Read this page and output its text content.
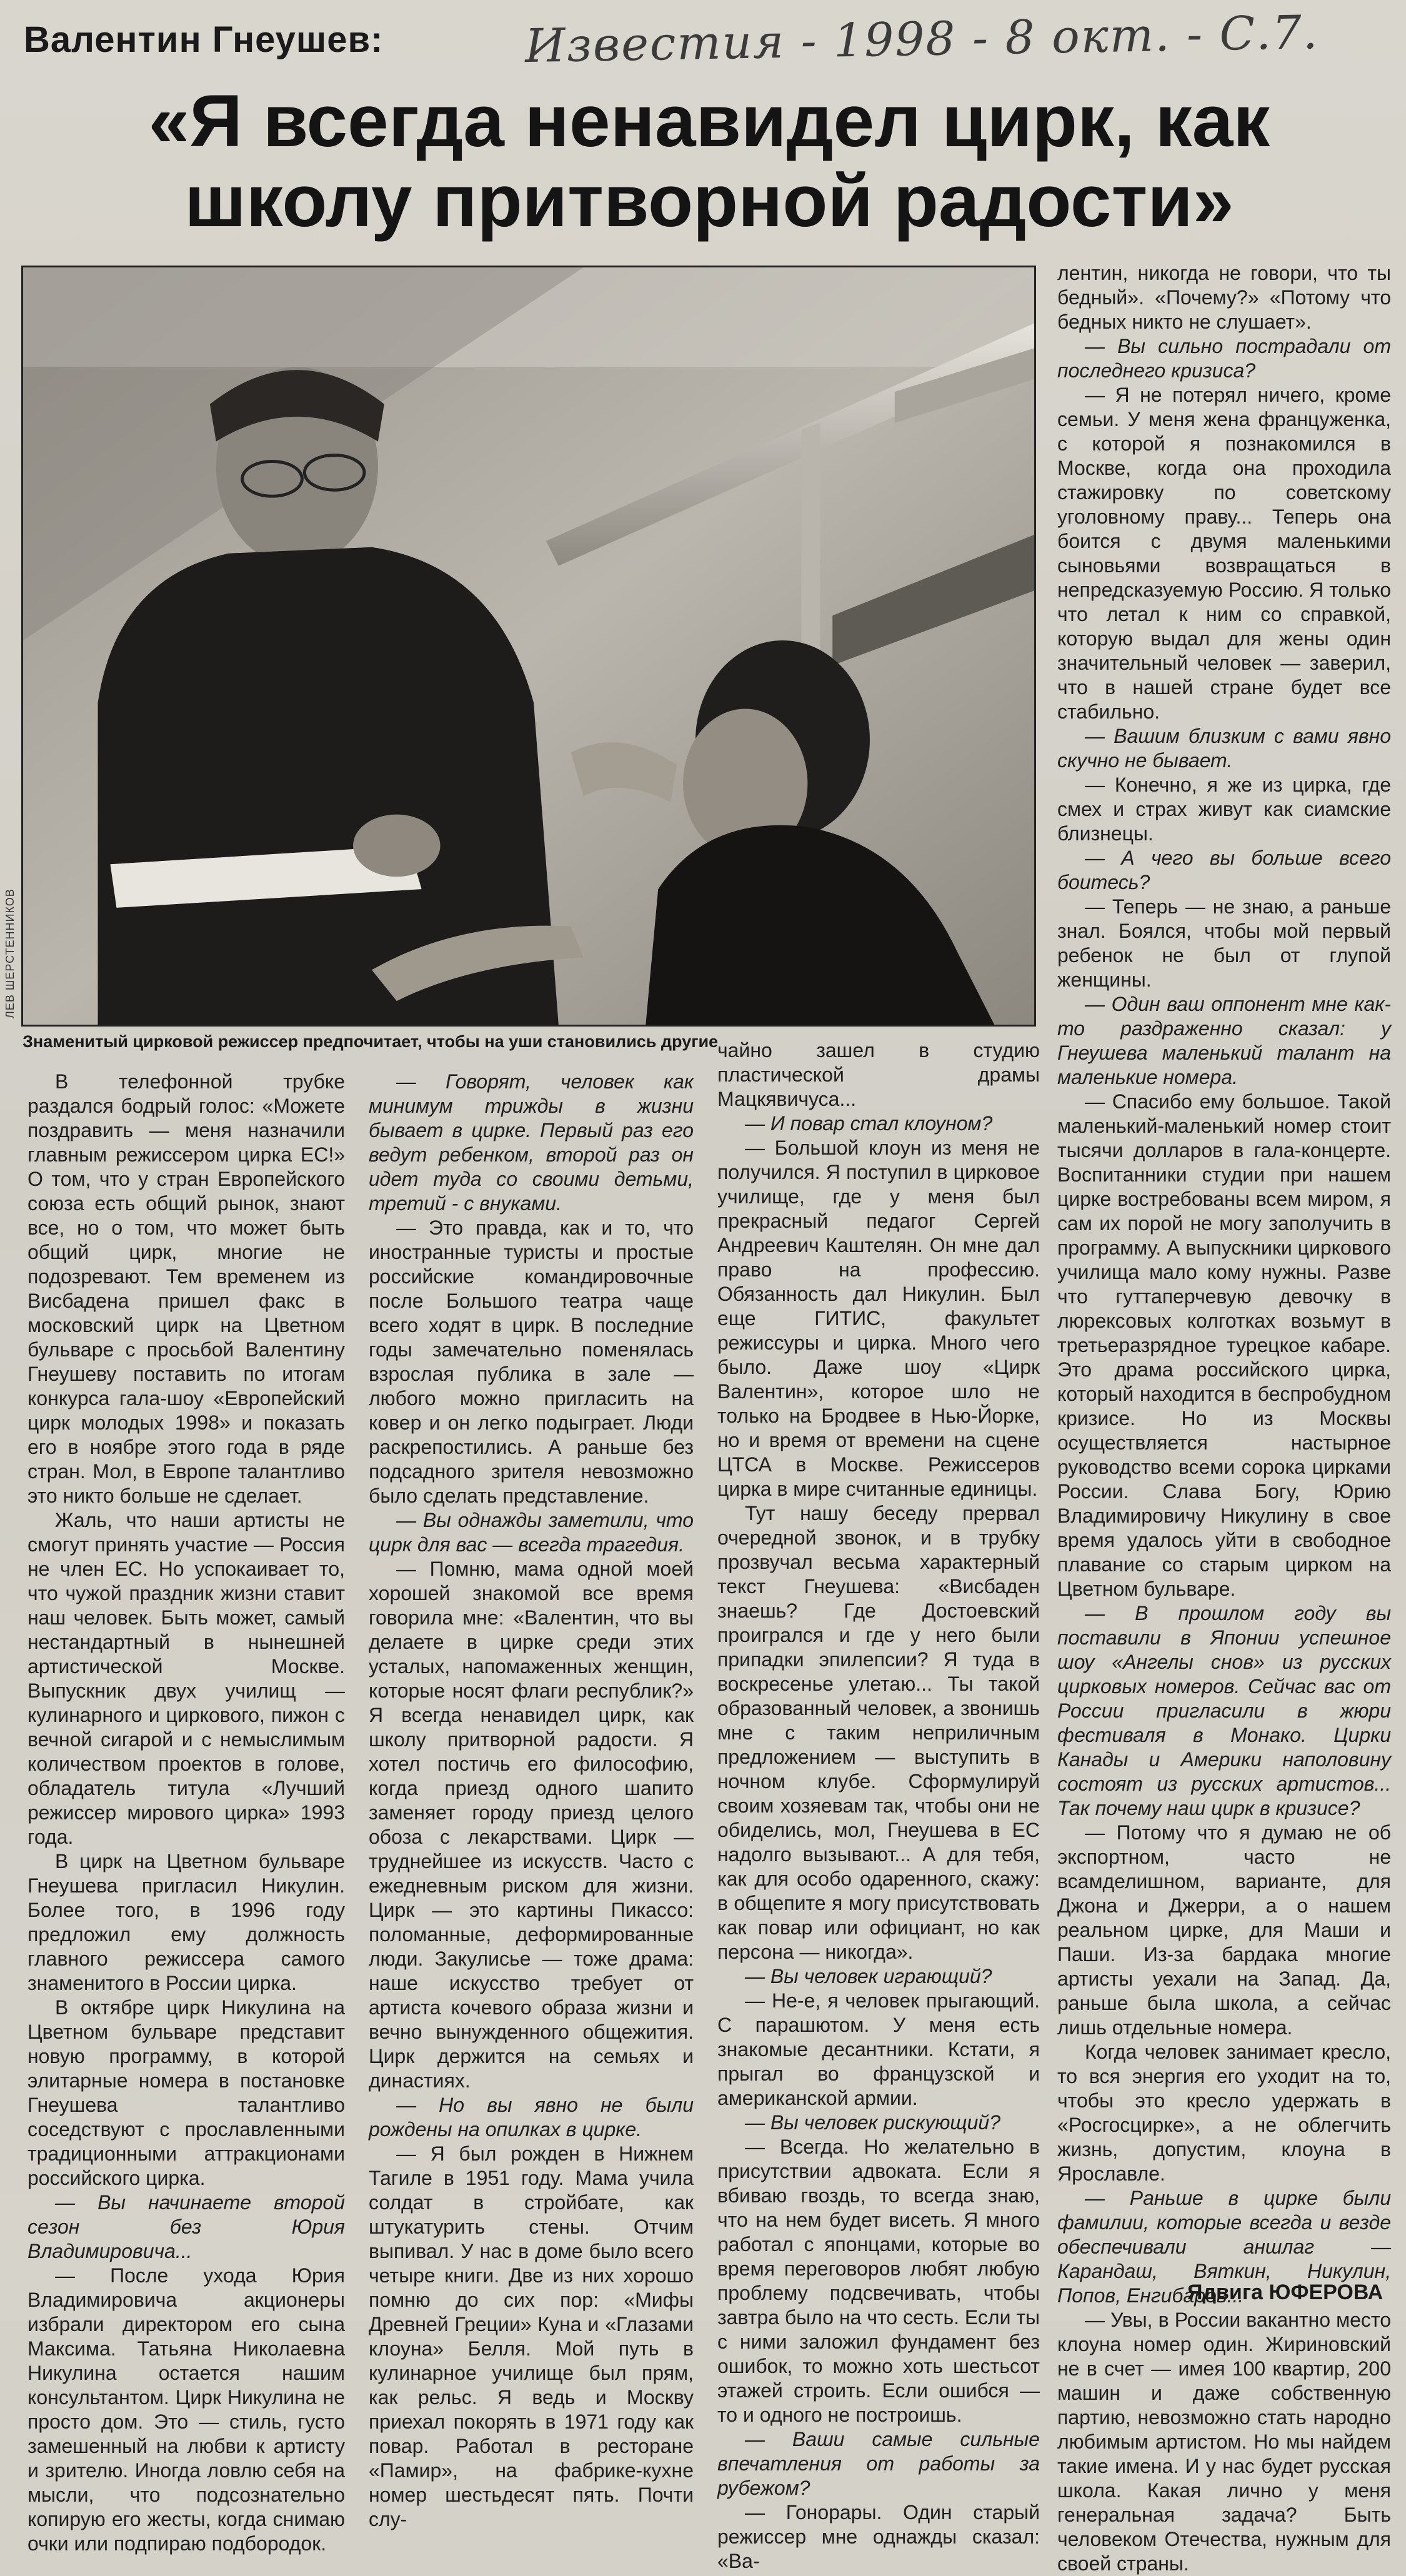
Валентин Гнеушев:	Известия - 1998 - 8 окт. - С.7.
«Я всегда ненавидел цирк, как школу притворной радости»
ЛЕВ ШЕРСТЕННИКОВ
Знаменитый цирковой режиссер предпочитает, чтобы на уши становились другие

В телефонной трубке раздался бодрый голос: «Можете поздравить — меня назначили главным режиссером цирка ЕС!» О том, что у стран Европейского союза есть общий рынок, знают все, но о том, что может быть общий цирк, многие не подозревают. Тем временем из Висбадена пришел факс в московский цирк на Цветном бульваре с просьбой Валентину Гнеушеву поставить по итогам конкурса гала-шоу «Европейский цирк молодых 1998» и показать его в ноябре этого года в ряде стран. Мол, в Европе талантливо это никто больше не сделает.

Жаль, что наши артисты не смогут принять участие — Россия не член ЕС. Но успокаивает то, что чужой праздник жизни ставит наш человек. Быть может, самый нестандартный в нынешней артистической Москве. Выпускник двух училищ — кулинарного и циркового, пижон с вечной сигарой и с немыслимым количеством проектов в голове, обладатель титула «Лучший режиссер мирового цирка» 1993 года.

В цирк на Цветном бульваре Гнеушева пригласил Никулин. Более того, в 1996 году предложил ему должность главного режиссера самого знаменитого в России цирка.

В октябре цирк Никулина на Цветном бульваре представит новую программу, в которой элитарные номера в постановке Гнеушева талантливо соседствуют с прославленными традиционными аттракционами российского цирка.

— Вы начинаете второй сезон без Юрия Владимировича...

— После ухода Юрия Владимировича акционеры избрали директором его сына Максима. Татьяна Николаевна Никулина остается нашим консультантом. Цирк Никулина не просто дом. Это — стиль, густо замешенный на любви к артисту и зрителю. Иногда ловлю себя на мысли, что подсознательно копирую его жесты, когда снимаю очки или подпираю подбородок.

— Говорят, человек как минимум трижды в жизни бывает в цирке. Первый раз его ведут ребенком, второй раз он идет туда со своими детьми, третий - с внуками.

— Это правда, как и то, что иностранные туристы и простые российские командировочные после Большого театра чаще всего ходят в цирк. В последние годы замечательно поменялась взрослая публика в зале — любого можно пригласить на ковер и он легко подыграет. Люди раскрепостились. А раньше без подсадного зрителя невозможно было сделать представление.

— Вы однажды заметили, что цирк для вас — всегда трагедия.

— Помню, мама одной моей хорошей знакомой все время говорила мне: «Валентин, что вы делаете в цирке среди этих усталых, напомаженных женщин, которые носят флаги республик?» Я всегда ненавидел цирк, как школу притворной радости. Я хотел постичь его философию, когда приезд одного шапито заменяет городу приезд целого обоза с лекарствами. Цирк — труднейшее из искусств. Часто с ежедневным риском для жизни. Цирк — это картины Пикассо: поломанные, деформированные люди. Закулисье — тоже драма: наше искусство требует от артиста кочевого образа жизни и вечно вынужденного общежития. Цирк держится на семьях и династиях.

— Но вы явно не были рождены на опилках в цирке.

— Я был рожден в Нижнем Тагиле в 1951 году. Мама учила солдат в стройбате, как штукатурить стены. Отчим выпивал. У нас в доме было всего четыре книги. Две из них хорошо помню до сих пор: «Мифы Древней Греции» Куна и «Глазами клоуна» Белля. Мой путь в кулинарное училище был прям, как рельс. Я ведь и Москву приехал покорять в 1971 году как повар. Работал в ресторане «Памир», на фабрике-кухне номер шестьдесят пять. Почти слу-

чайно зашел в студию пластической драмы Мацкявичуса...

— И повар стал клоуном?

— Большой клоун из меня не получился. Я поступил в цирковое училище, где у меня был прекрасный педагог Сергей Андреевич Каштелян. Он мне дал право на профессию. Обязанность дал Никулин. Был еще ГИТИС, факультет режиссуры и цирка. Много чего было. Даже шоу «Цирк Валентин», которое шло не только на Бродвее в Нью-Йорке, но и время от времени на сцене ЦТСА в Москве. Режиссеров цирка в мире считанные единицы.

Тут нашу беседу прервал очередной звонок, и в трубку прозвучал весьма характерный текст Гнеушева: «Висбаден знаешь? Где Достоевский проигрался и где у него были припадки эпилепсии? Я туда в воскресенье улетаю... Ты такой образованный человек, а звонишь мне с таким неприличным предложением — выступить в ночном клубе. Сформулируй своим хозяевам так, чтобы они не обиделись, мол, Гнеушева в ЕС надолго вызывают... А для тебя, как для особо одаренного, скажу: в общепите я могу присутствовать как повар или официант, но как персона — никогда».

— Вы человек играющий?

— Не-е, я человек прыгающий. С парашютом. У меня есть знакомые десантники. Кстати, я прыгал во французской и американской армии.

— Вы человек рискующий?

— Всегда. Но желательно в присутствии адвоката. Если я вбиваю гвоздь, то всегда знаю, что на нем будет висеть. Я много работал с японцами, которые во время переговоров любят любую проблему подсвечивать, чтобы завтра было на что сесть. Если ты с ними заложил фундамент без ошибок, то можно хоть шестьсот этажей строить. Если ошибся — то и одного не построишь.

— Ваши самые сильные впечатления от работы за рубежом?

— Гонорары. Один старый режиссер мне однажды сказал: «Ва-

лентин, никогда не говори, что ты бедный». «Почему?» «Потому что бедных никто не слушает».

— Вы сильно пострадали от последнего кризиса?

— Я не потерял ничего, кроме семьи. У меня жена француженка, с которой я познакомился в Москве, когда она проходила стажировку по советскому уголовному праву... Теперь она боится с двумя маленькими сыновьями возвращаться в непредсказуемую Россию. Я только что летал к ним со справкой, которую выдал для жены один значительный человек — заверил, что в нашей стране будет все стабильно.

— Вашим близким с вами явно скучно не бывает.

— Конечно, я же из цирка, где смех и страх живут как сиамские близнецы.

— А чего вы больше всего боитесь?

— Теперь — не знаю, а раньше знал. Боялся, чтобы мой первый ребенок не был от глупой женщины.

— Один ваш оппонент мне как-то раздраженно сказал: у Гнеушева маленький талант на маленькие номера.

— Спасибо ему большое. Такой маленький-маленький номер стоит тысячи долларов в гала-концерте. Воспитанники студии при нашем цирке востребованы всем миром, я сам их порой не могу заполучить в программу. А выпускники циркового училища мало кому нужны. Разве что гуттаперчевую девочку в люрексовых колготках возьмут в третьеразрядное турецкое кабаре. Это драма российского цирка, который находится в беспробудном кризисе. Но из Москвы осуществляется настырное руководство всеми сорока цирками России. Слава Богу, Юрию Владимировичу Никулину в свое время удалось уйти в свободное плавание со старым цирком на Цветном бульваре.

— В прошлом году вы поставили в Японии успешное шоу «Ангелы снов» из русских цирковых номеров. Сейчас вас от России пригласили в жюри фестиваля в Монако. Цирки Канады и Америки наполовину состоят из русских артистов... Так почему наш цирк в кризисе?

— Потому что я думаю не об экспортном, часто не всамделишном, варианте, для Джона и Джерри, а о нашем реальном цирке, для Маши и Паши. Из-за бардака многие артисты уехали на Запад. Да, раньше была школа, а сейчас лишь отдельные номера.

Когда человек занимает кресло, то вся энергия его уходит на то, чтобы это кресло удержать в «Росгосцирке», а не облегчить жизнь, допустим, клоуна в Ярославле.

— Раньше в цирке были фамилии, которые всегда и везде обеспечивали аншлаг — Карандаш, Вяткин, Никулин, Попов, Енгибаров...

— Увы, в России вакантно место клоуна номер один. Жириновский не в счет — имея 100 квартир, 200 машин и даже собственную партию, невозможно стать народно любимым артистом. Но мы найдем такие имена. И у нас будет русская школа. Какая лично у меня генеральная задача? Быть человеком Отечества, нужным для своей страны.

Ядвига ЮФЕРОВА
